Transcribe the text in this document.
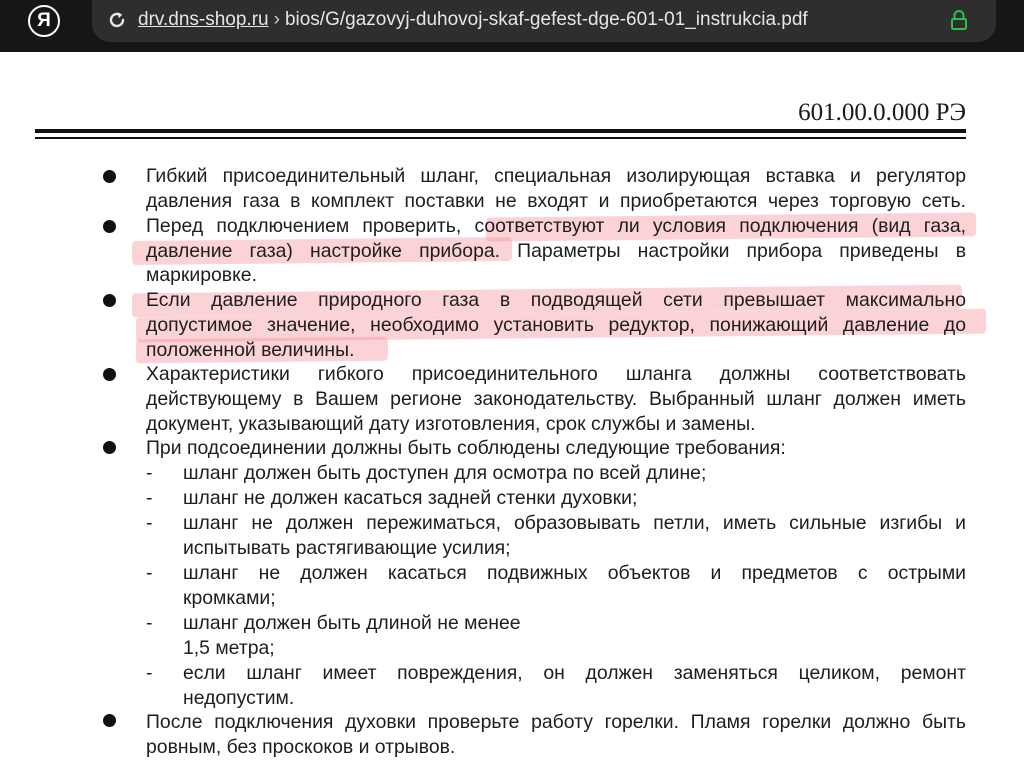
Я	drv.dns-shop.ru › bios/G/gazovyj-duhovoj-skaf-gefest-dge-601-01_instrukcia.pdf
601.00.0.000 РЭ
-
-
-
-
-
-
Гибкий присоединительный шланг, специальная изолирующая вставка и регулятор
давления газа в комплект поставки не входят и приобретаются через торговую сеть.
Перед подключением проверить, соответствуют ли условия подключения (вид газа,
давление газа) настройке прибора. Параметры настройки прибора приведены в
маркировке.
Если давление природного газа в подводящей сети превышает максимально
допустимое значение, необходимо установить редуктор, понижающий давление до
положенной величины.
Характеристики гибкого присоединительного шланга должны соответствовать
действующему в Вашем регионе законодательству. Выбранный шланг должен иметь
документ, указывающий дату изготовления, срок службы и замены.
При подсоединении должны быть соблюдены следующие требования:
шланг должен быть доступен для осмотра по всей длине;
шланг не должен касаться задней стенки духовки;
шланг не должен пережиматься, образовывать петли, иметь сильные изгибы и
испытывать растягивающие усилия;
шланг не должен касаться подвижных объектов и предметов с острыми
кромками;
шланг должен быть длиной не менее
1,5 метра;
если шланг имеет повреждения, он должен заменяться целиком, ремонт
недопустим.
После подключения духовки проверьте работу горелки. Пламя горелки должно быть
ровным, без проскоков и отрывов.
